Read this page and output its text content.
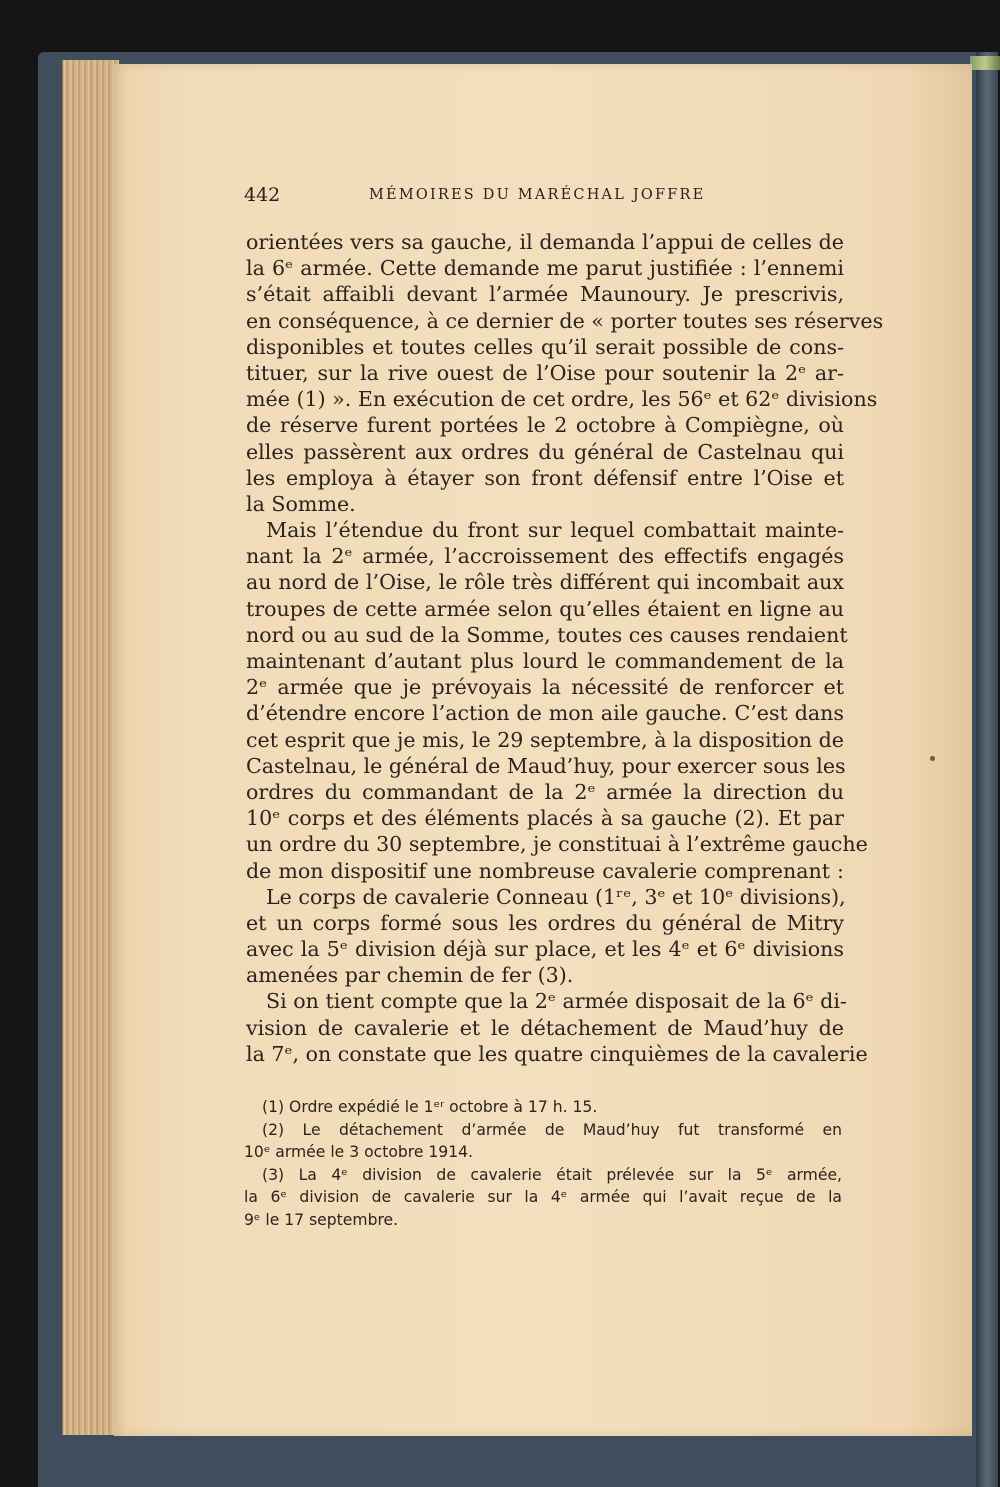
442	MÉMOIRES DU MARÉCHAL JOFFRE
orientées vers sa gauche, il demanda l’appui de celles de
la 6ᵉ armée. Cette demande me parut justifiée : l’ennemi
s’était affaibli devant l’armée Maunoury. Je prescrivis,
en conséquence, à ce dernier de « porter toutes ses réserves
disponibles et toutes celles qu’il serait possible de cons-
tituer, sur la rive ouest de l’Oise pour soutenir la 2ᵉ ar-
mée (1) ». En exécution de cet ordre, les 56ᵉ et 62ᵉ divisions
de réserve furent portées le 2 octobre à Compiègne, où
elles passèrent aux ordres du général de Castelnau qui
les employa à étayer son front défensif entre l’Oise et
la Somme.
Mais l’étendue du front sur lequel combattait mainte-
nant la 2ᵉ armée, l’accroissement des effectifs engagés
au nord de l’Oise, le rôle très différent qui incombait aux
troupes de cette armée selon qu’elles étaient en ligne au
nord ou au sud de la Somme, toutes ces causes rendaient
maintenant d’autant plus lourd le commandement de la
2ᵉ armée que je prévoyais la nécessité de renforcer et
d’étendre encore l’action de mon aile gauche. C’est dans
cet esprit que je mis, le 29 septembre, à la disposition de
Castelnau, le général de Maud’huy, pour exercer sous les
ordres du commandant de la 2ᵉ armée la direction du
10ᵉ corps et des éléments placés à sa gauche (2). Et par
un ordre du 30 septembre, je constituai à l’extrême gauche
de mon dispositif une nombreuse cavalerie comprenant :
Le corps de cavalerie Conneau (1ʳᵉ, 3ᵉ et 10ᵉ divisions),
et un corps formé sous les ordres du général de Mitry
avec la 5ᵉ division déjà sur place, et les 4ᵉ et 6ᵉ divisions
amenées par chemin de fer (3).
Si on tient compte que la 2ᵉ armée disposait de la 6ᵉ di-
vision de cavalerie et le détachement de Maud’huy de
la 7ᵉ, on constate que les quatre cinquièmes de la cavalerie
(1) Ordre expédié le 1ᵉʳ octobre à 17 h. 15.
(2) Le détachement d’armée de Maud’huy fut transformé en
10ᵉ armée le 3 octobre 1914.
(3) La 4ᵉ division de cavalerie était prélevée sur la 5ᵉ armée,
la 6ᵉ division de cavalerie sur la 4ᵉ armée qui l’avait reçue de la
9ᵉ le 17 septembre.
